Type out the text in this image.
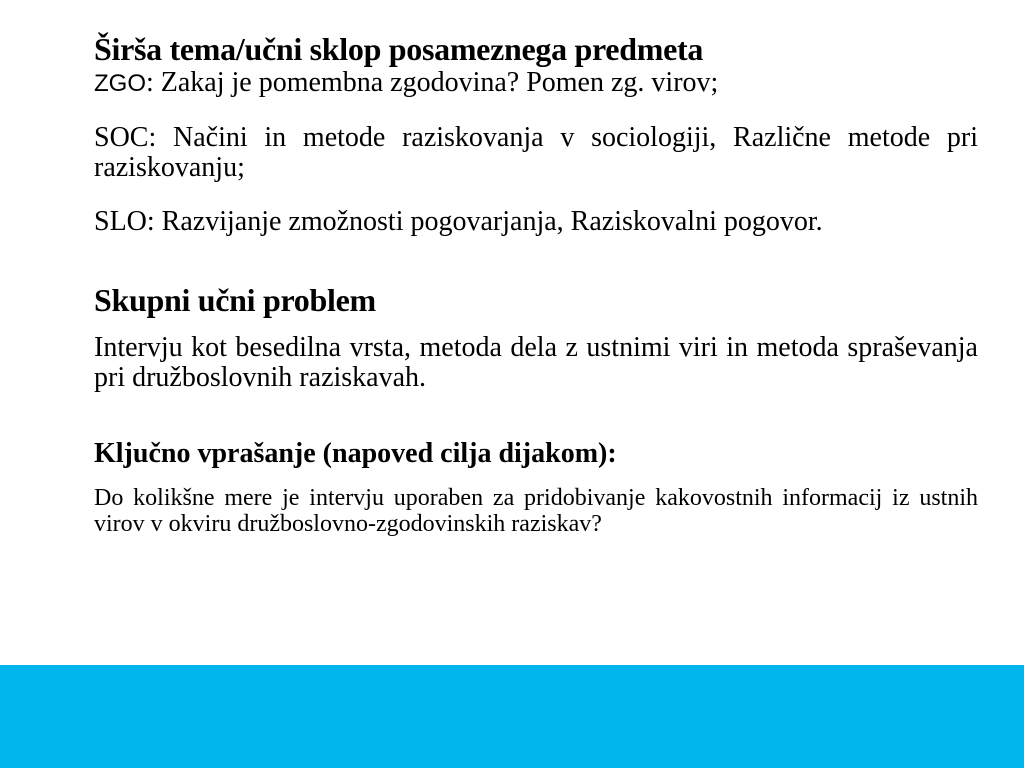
Širša tema/učni sklop posameznega predmeta

ZGO: Zakaj je pomembna zgodovina? Pomen zg. virov;

SOC: Načini in metode raziskovanja v sociologiji, Različne metode pri raziskovanju;

SLO: Razvijanje zmožnosti pogovarjanja, Raziskovalni pogovor.

Skupni učni problem

Intervju kot besedilna vrsta, metoda dela z ustnimi viri in metoda spraševanja pri družboslovnih raziskavah.

Ključno vprašanje (napoved cilja dijakom):

Do kolikšne mere je intervju uporaben za pridobivanje kakovostnih informacij iz ustnih virov v okviru družboslovno-zgodovinskih raziskav?
